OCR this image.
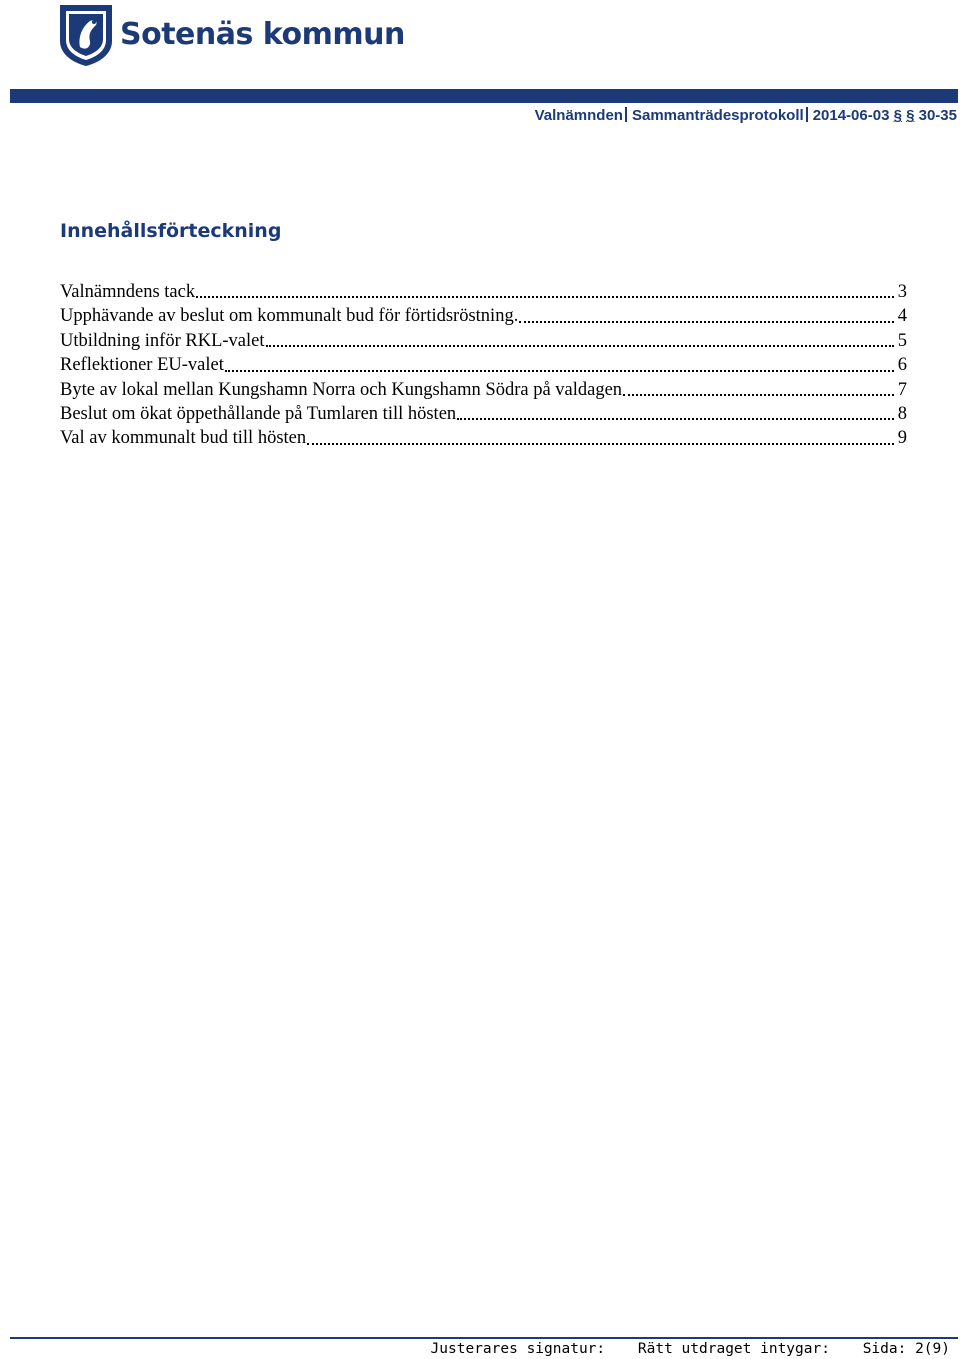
Sotenäs kommun
Valnämnden Sammanträdesprotokoll 2014-06-03 § § 30-35
Innehållsförteckning
Valnämndens tack	3
Upphävande av beslut om kommunalt bud för förtidsröstning.	4
Utbildning inför RKL-valet	5
Reflektioner EU-valet	6
Byte av lokal mellan Kungshamn Norra och Kungshamn Södra på valdagen	7
Beslut om ökat öppethållande på Tumlaren till hösten	8
Val av kommunalt bud till hösten	9
Justerares signatur: Rätt utdraget intygar: Sida: 2(9)
